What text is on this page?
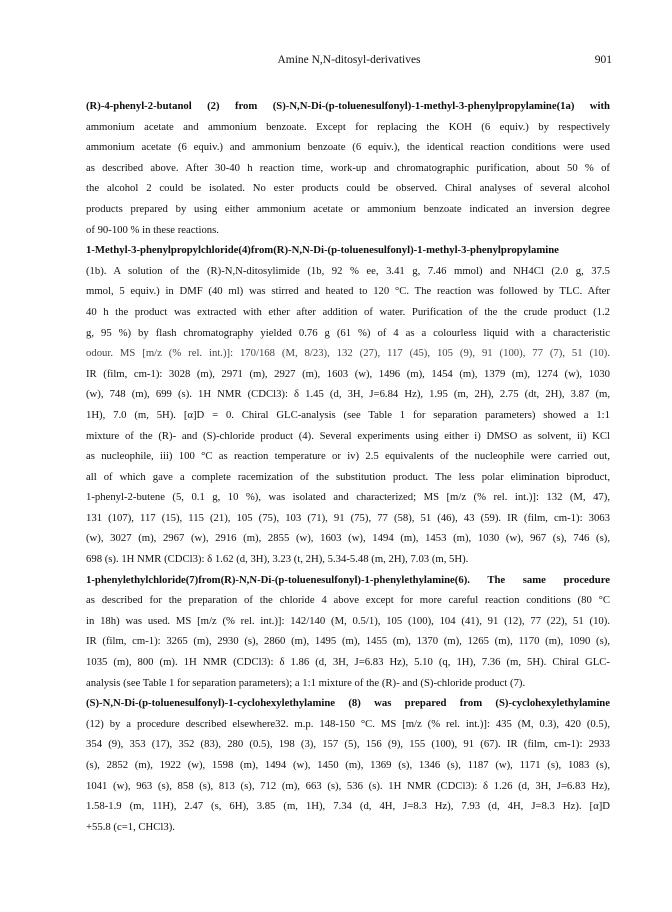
Amine N,N-ditosyl-derivatives	901
(R)-4-phenyl-2-butanol (2) from (S)-N,N-Di-(p-toluenesulfonyl)-1-methyl-3-phenylpropylamine(1a) with
ammonium acetate and ammonium benzoate. Except for replacing the KOH (6 equiv.) by respectively
ammonium acetate (6 equiv.) and ammonium benzoate (6 equiv.), the identical reaction conditions were used
as described above. After 30-40 h reaction time, work-up and chromatographic purification, about 50 % of
the alcohol 2 could be isolated. No ester products could be observed. Chiral analyses of several alcohol
products prepared by using either ammonium acetate or ammonium benzoate indicated an inversion degree
of 90-100 % in these reactions.
1-Methyl-3-phenylpropylchloride(4)from(R)-N,N-Di-(p-toluenesulfonyl)-1-methyl-3-phenylpropylamine
(1b). A solution of the (R)-N,N-ditosylimide (1b, 92 % ee, 3.41 g, 7.46 mmol) and NH4Cl (2.0 g, 37.5
mmol, 5 equiv.) in DMF (40 ml) was stirred and heated to 120 °C. The reaction was followed by TLC. After
40 h the product was extracted with ether after addition of water. Purification of the the crude product (1.2
g, 95 %) by flash chromatography yielded 0.76 g (61 %) of 4 as a colourless liquid with a characteristic
odour. MS [m/z (% rel. int.)]: 170/168 (M, 8/23), 132 (27), 117 (45), 105 (9), 91 (100), 77 (7), 51 (10).
IR (film, cm-1): 3028 (m), 2971 (m), 2927 (m), 1603 (w), 1496 (m), 1454 (m), 1379 (m), 1274 (w), 1030
(w), 748 (m), 699 (s). 1H NMR (CDCl3): δ 1.45 (d, 3H, J=6.84 Hz), 1.95 (m, 2H), 2.75 (dt, 2H), 3.87 (m,
1H), 7.0 (m, 5H). [α]D = 0. Chiral GLC-analysis (see Table 1 for separation parameters) showed a 1:1
mixture of the (R)- and (S)-chloride product (4). Several experiments using either i) DMSO as solvent, ii) KCl
as nucleophile, iii) 100 °C as reaction temperature or iv) 2.5 equivalents of the nucleophile were carried out,
all of which gave a complete racemization of the substitution product. The less polar elimination biproduct,
1-phenyl-2-butene (5, 0.1 g, 10 %), was isolated and characterized; MS [m/z (% rel. int.)]: 132 (M, 47),
131 (107), 117 (15), 115 (21), 105 (75), 103 (71), 91 (75), 77 (58), 51 (46), 43 (59). IR (film, cm-1): 3063
(w), 3027 (m), 2967 (w), 2916 (m), 2855 (w), 1603 (w), 1494 (m), 1453 (m), 1030 (w), 967 (s), 746 (s),
698 (s). 1H NMR (CDCl3): δ 1.62 (d, 3H), 3.23 (t, 2H), 5.34-5.48 (m, 2H), 7.03 (m, 5H).
1-phenylethylchloride(7)from(R)-N,N-Di-(p-toluenesulfonyl)-1-phenylethylamine(6). The same procedure
as described for the preparation of the chloride 4 above except for more careful reaction conditions (80 °C
in 18h) was used. MS [m/z (% rel. int.)]: 142/140 (M, 0.5/1), 105 (100), 104 (41), 91 (12), 77 (22), 51 (10).
IR (film, cm-1): 3265 (m), 2930 (s), 2860 (m), 1495 (m), 1455 (m), 1370 (m), 1265 (m), 1170 (m), 1090 (s),
1035 (m), 800 (m). 1H NMR (CDCl3): δ 1.86 (d, 3H, J=6.83 Hz), 5.10 (q, 1H), 7.36 (m, 5H). Chiral GLC-
analysis (see Table 1 for separation parameters); a 1:1 mixture of the (R)- and (S)-chloride product (7).
(S)-N,N-Di-(p-toluenesulfonyl)-1-cyclohexylethylamine (8) was prepared from (S)-cyclohexylethylamine
(12) by a procedure described elsewhere32. m.p. 148-150 °C. MS [m/z (% rel. int.)]: 435 (M, 0.3), 420 (0.5),
354 (9), 353 (17), 352 (83), 280 (0.5), 198 (3), 157 (5), 156 (9), 155 (100), 91 (67). IR (film, cm-1): 2933
(s), 2852 (m), 1922 (w), 1598 (m), 1494 (w), 1450 (m), 1369 (s), 1346 (s), 1187 (w), 1171 (s), 1083 (s),
1041 (w), 963 (s), 858 (s), 813 (s), 712 (m), 663 (s), 536 (s). 1H NMR (CDCl3): δ 1.26 (d, 3H, J=6.83 Hz),
1.58-1.9 (m, 11H), 2.47 (s, 6H), 3.85 (m, 1H), 7.34 (d, 4H, J=8.3 Hz), 7.93 (d, 4H, J=8.3 Hz). [α]D
+55.8 (c=1, CHCl3).
